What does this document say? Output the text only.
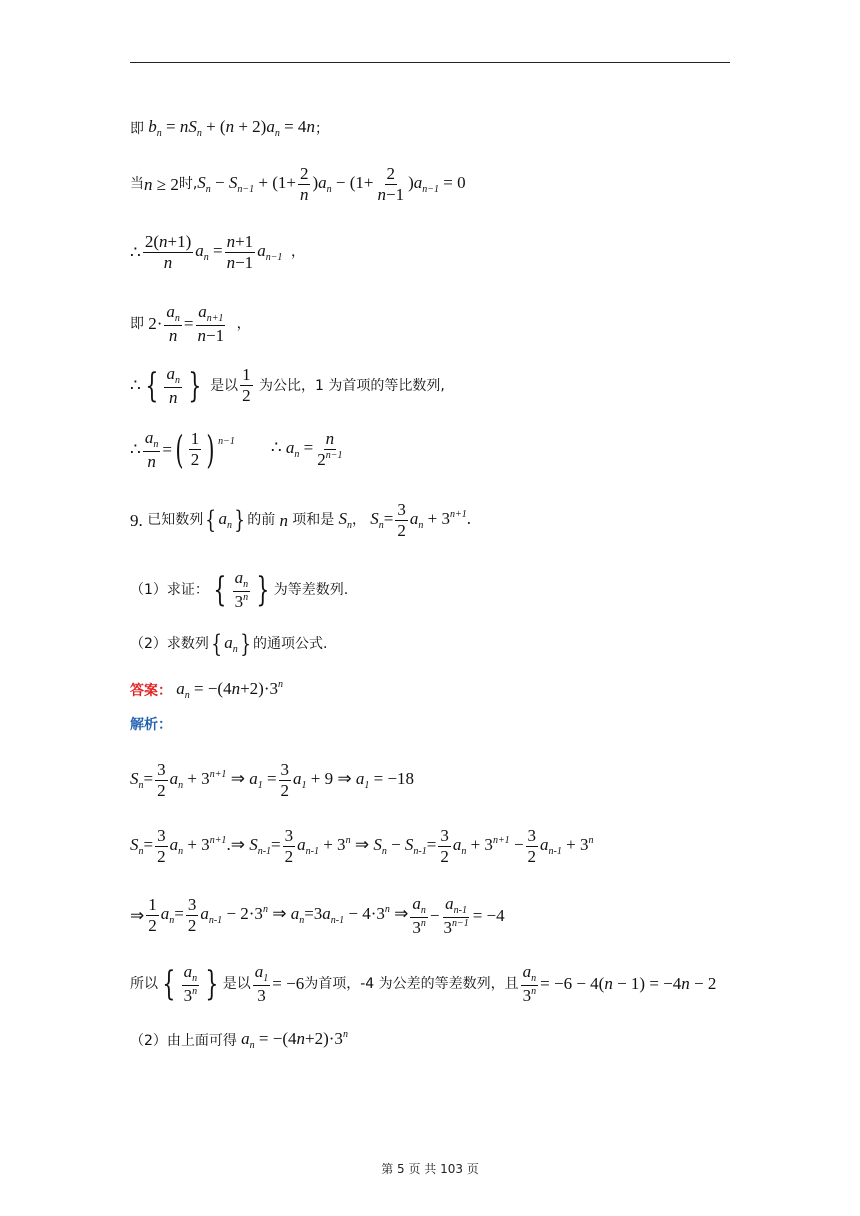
即 $b_n = nS_n + (n + 2)a_n = 4n$ ；
当 n ≥ 2 时, $S_n - S_{n-1} + (1+ \frac{2}{n} )a_n - (1+ \frac{2}{n-1} )a_{n-1} = 0$
∴ $\frac{2(n+1)}{n} a_n = \frac{n+1}{n-1} a_{n-1}$ ，
即 $2\cdot \frac{a_n}{n} = \frac{a_{n+1}}{n-1}$
，
∴ { $\frac{a_n}{n}$ }
是以 $\frac{1}{2}$
为公比，1 为首项的等比数列,
∴ $\frac{a_n}{n}$ = ( $\frac{1}{2}$ ) n−1 ∴ $a_n = \frac{n}{2^{n-1}}$
9.
已知数列 { $a_n$ } 的前 n 项和是 $S_n$ ， $S_n= \frac{3}{2} a_n + 3^{n+1}$.
（1）求证： { $\frac{a_n}{3^n}$ } 为等差数列.
（2）求数列 { $a_n$ } 的通项公式.
答案： $a_n = -(4n+2)\cdot 3^n$
解析：
$S_n= \frac{3}{2} a_n + 3^{n+1}$ ⇒ $a_1 = \frac{3}{2} a_1 + 9$ ⇒ $a_1 = -18$
$S_n= \frac{3}{2} a_n$ + $3^{n+1}.\Rightarrow$ $S_{n-1}= \frac{3}{2} a_{n-1} + 3^n$ ⇒ $S_n - S_{n-1}= \frac{3}{2} a_n + 3^{n+1} - \frac{3}{2} a_{n-1} + 3^n$
⇒ $\frac{1}{2} a_n= \frac{3}{2} a_{n-1} - 2\cdot 3^n$ ⇒ $a_n=3a_{n-1} - 4\cdot 3^n$ ⇒ $\frac{a_n}{3^n} - \frac{a_{n-1}}{3^{n-1}} = -4$
所以 { $\frac{a_n}{3^n}$ } 是以 $\frac{a_1}{3} = -6$ 为首项，-4 为公差的等差数列，且 $\frac{a_n}{3^n} = -6 - 4(n - 1) = -4n - 2$
（2）由上面可得 $a_n = -(4n+2)\cdot 3^n$
第 5 页 共 103 页
